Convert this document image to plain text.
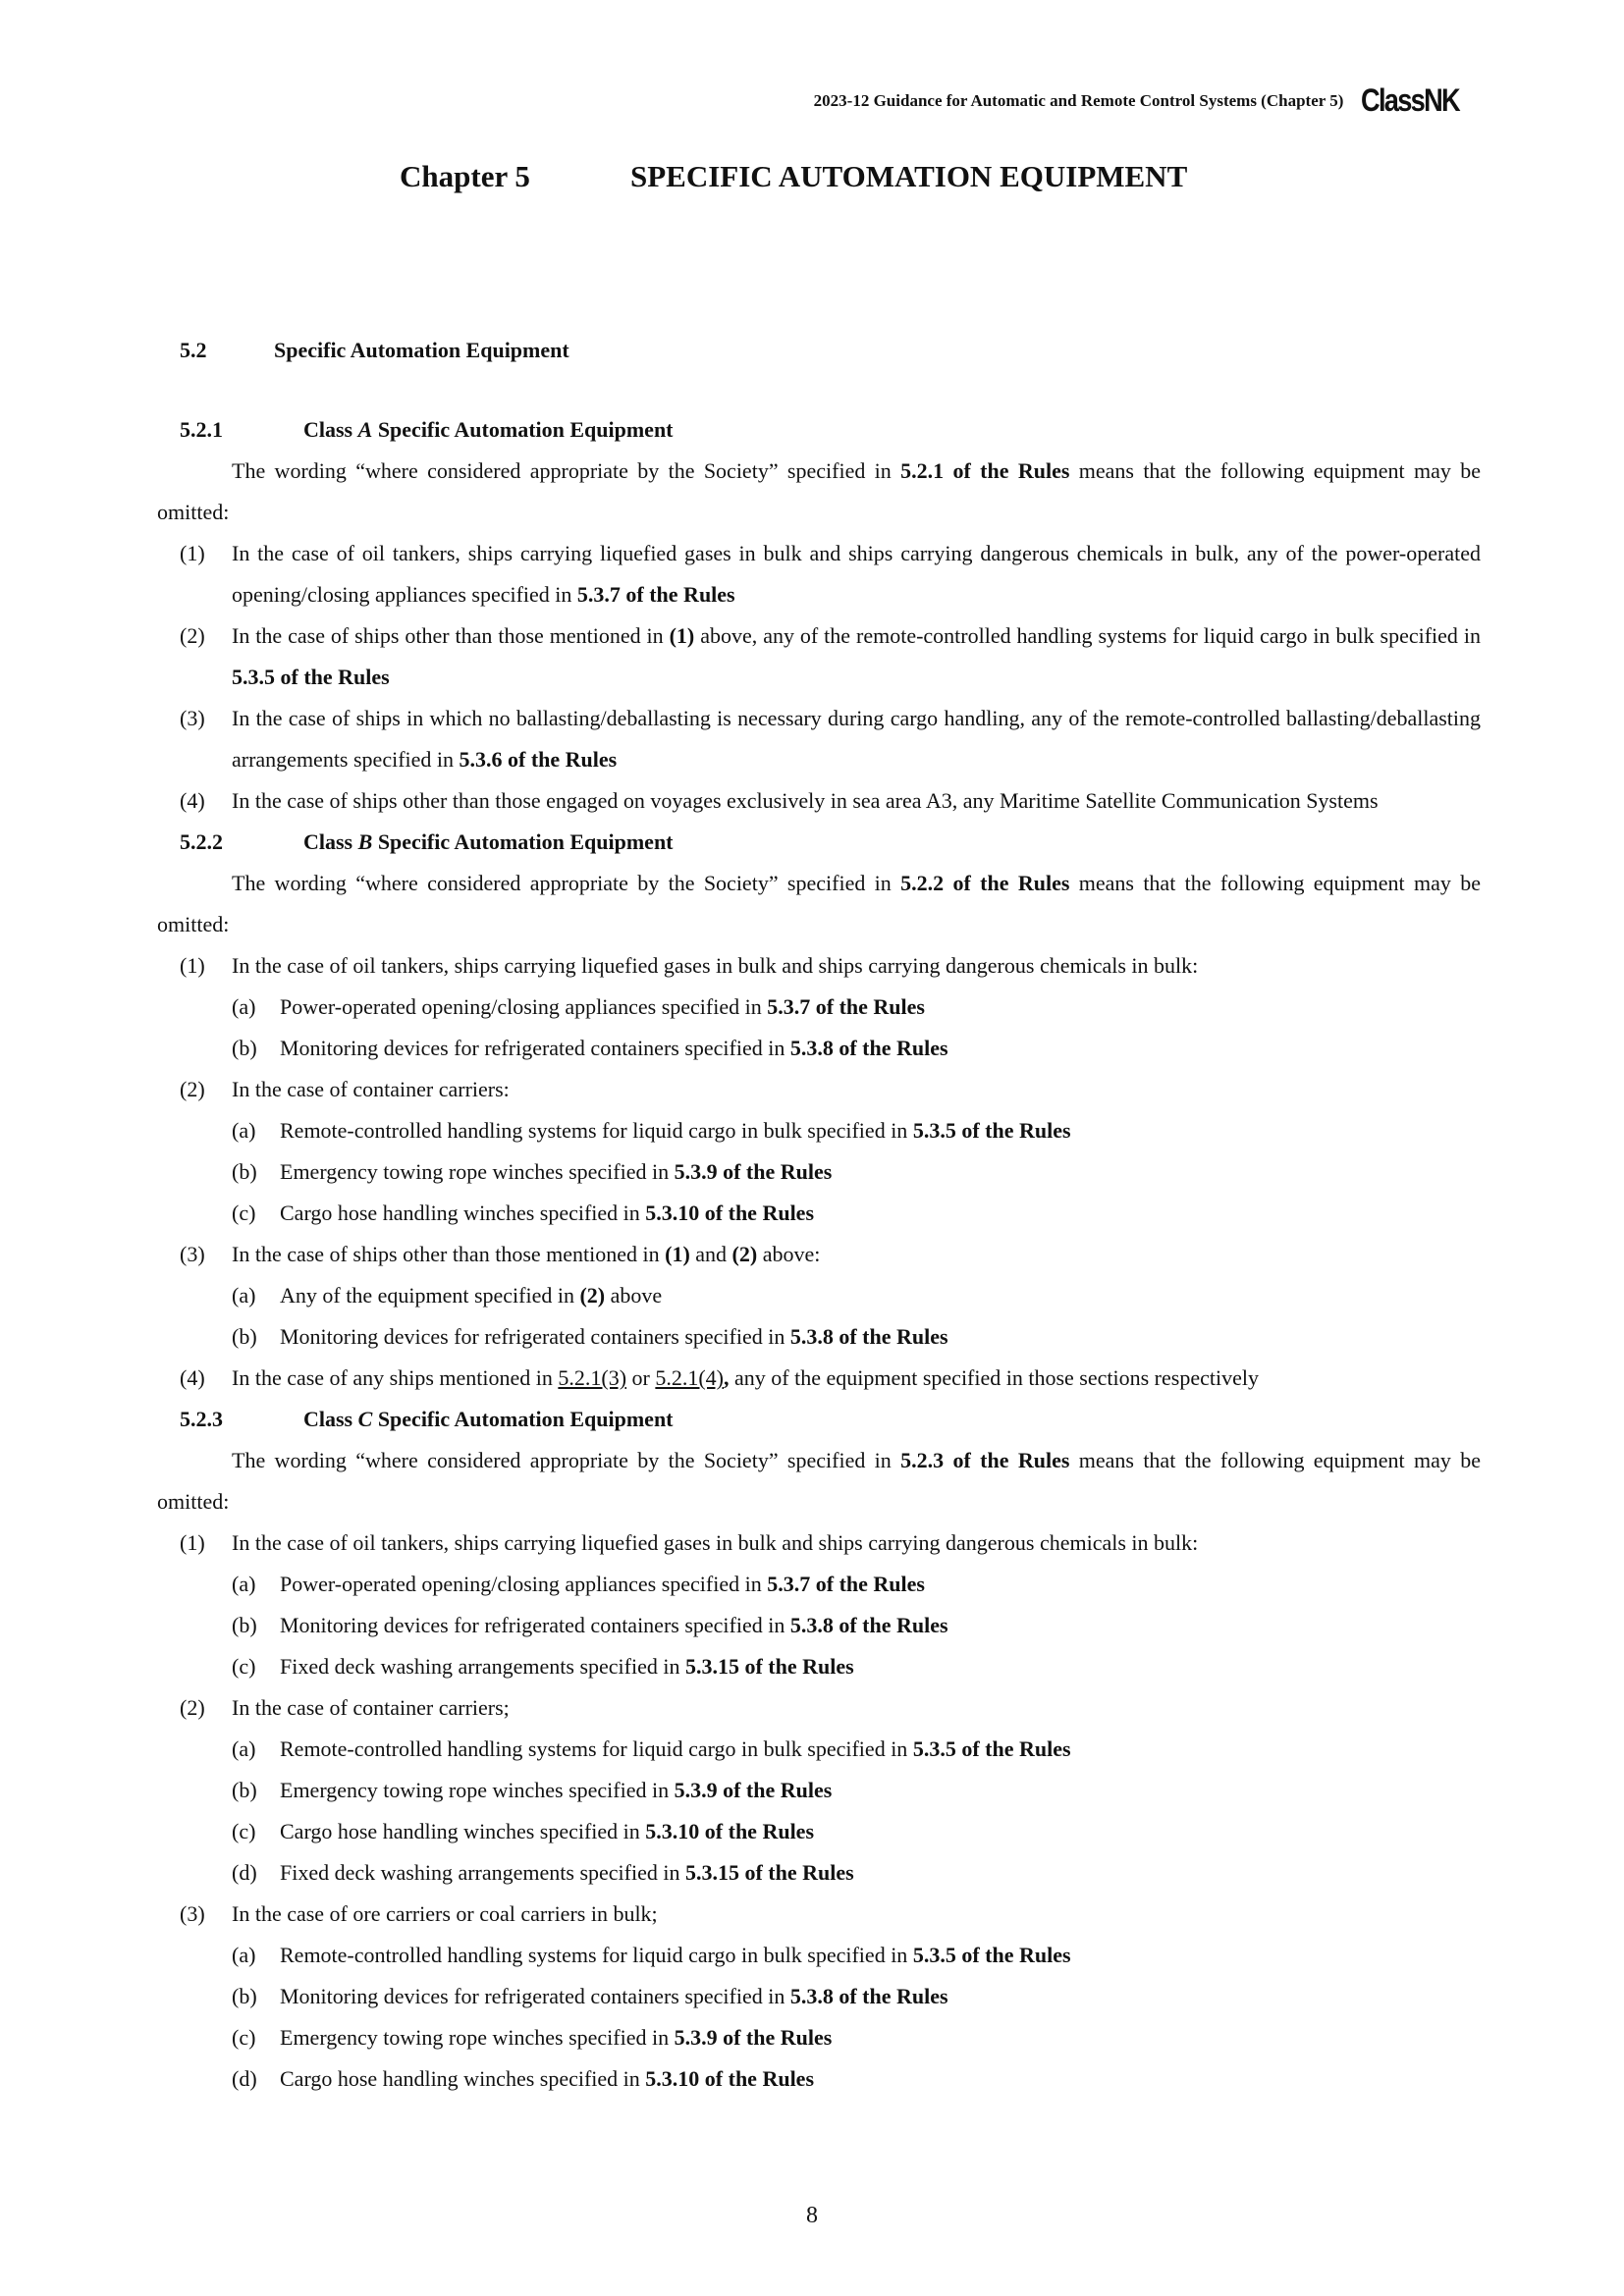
2023-12 Guidance for Automatic and Remote Control Systems (Chapter 5) ClassNK
Chapter 5	SPECIFIC AUTOMATION EQUIPMENT
5.2	Specific Automation Equipment
5.2.1	Class A Specific Automation Equipment
The wording “where considered appropriate by the Society” specified in 5.2.1 of the Rules means that the following equipment may be omitted:
(1) In the case of oil tankers, ships carrying liquefied gases in bulk and ships carrying dangerous chemicals in bulk, any of the power-operated opening/closing appliances specified in 5.3.7 of the Rules
(2) In the case of ships other than those mentioned in (1) above, any of the remote-controlled handling systems for liquid cargo in bulk specified in 5.3.5 of the Rules
(3) In the case of ships in which no ballasting/deballasting is necessary during cargo handling, any of the remote-controlled ballasting/deballasting arrangements specified in 5.3.6 of the Rules
(4) In the case of ships other than those engaged on voyages exclusively in sea area A3, any Maritime Satellite Communication Systems
5.2.2	Class B Specific Automation Equipment
The wording “where considered appropriate by the Society” specified in 5.2.2 of the Rules means that the following equipment may be omitted:
(1) In the case of oil tankers, ships carrying liquefied gases in bulk and ships carrying dangerous chemicals in bulk:
(a) Power-operated opening/closing appliances specified in 5.3.7 of the Rules
(b) Monitoring devices for refrigerated containers specified in 5.3.8 of the Rules
(2) In the case of container carriers:
(a) Remote-controlled handling systems for liquid cargo in bulk specified in 5.3.5 of the Rules
(b) Emergency towing rope winches specified in 5.3.9 of the Rules
(c) Cargo hose handling winches specified in 5.3.10 of the Rules
(3) In the case of ships other than those mentioned in (1) and (2) above:
(a) Any of the equipment specified in (2) above
(b) Monitoring devices for refrigerated containers specified in 5.3.8 of the Rules
(4) In the case of any ships mentioned in 5.2.1(3) or 5.2.1(4), any of the equipment specified in those sections respectively
5.2.3	Class C Specific Automation Equipment
The wording “where considered appropriate by the Society” specified in 5.2.3 of the Rules means that the following equipment may be omitted:
(1) In the case of oil tankers, ships carrying liquefied gases in bulk and ships carrying dangerous chemicals in bulk:
(a) Power-operated opening/closing appliances specified in 5.3.7 of the Rules
(b) Monitoring devices for refrigerated containers specified in 5.3.8 of the Rules
(c) Fixed deck washing arrangements specified in 5.3.15 of the Rules
(2) In the case of container carriers;
(a) Remote-controlled handling systems for liquid cargo in bulk specified in 5.3.5 of the Rules
(b) Emergency towing rope winches specified in 5.3.9 of the Rules
(c) Cargo hose handling winches specified in 5.3.10 of the Rules
(d) Fixed deck washing arrangements specified in 5.3.15 of the Rules
(3) In the case of ore carriers or coal carriers in bulk;
(a) Remote-controlled handling systems for liquid cargo in bulk specified in 5.3.5 of the Rules
(b) Monitoring devices for refrigerated containers specified in 5.3.8 of the Rules
(c) Emergency towing rope winches specified in 5.3.9 of the Rules
(d) Cargo hose handling winches specified in 5.3.10 of the Rules
8
